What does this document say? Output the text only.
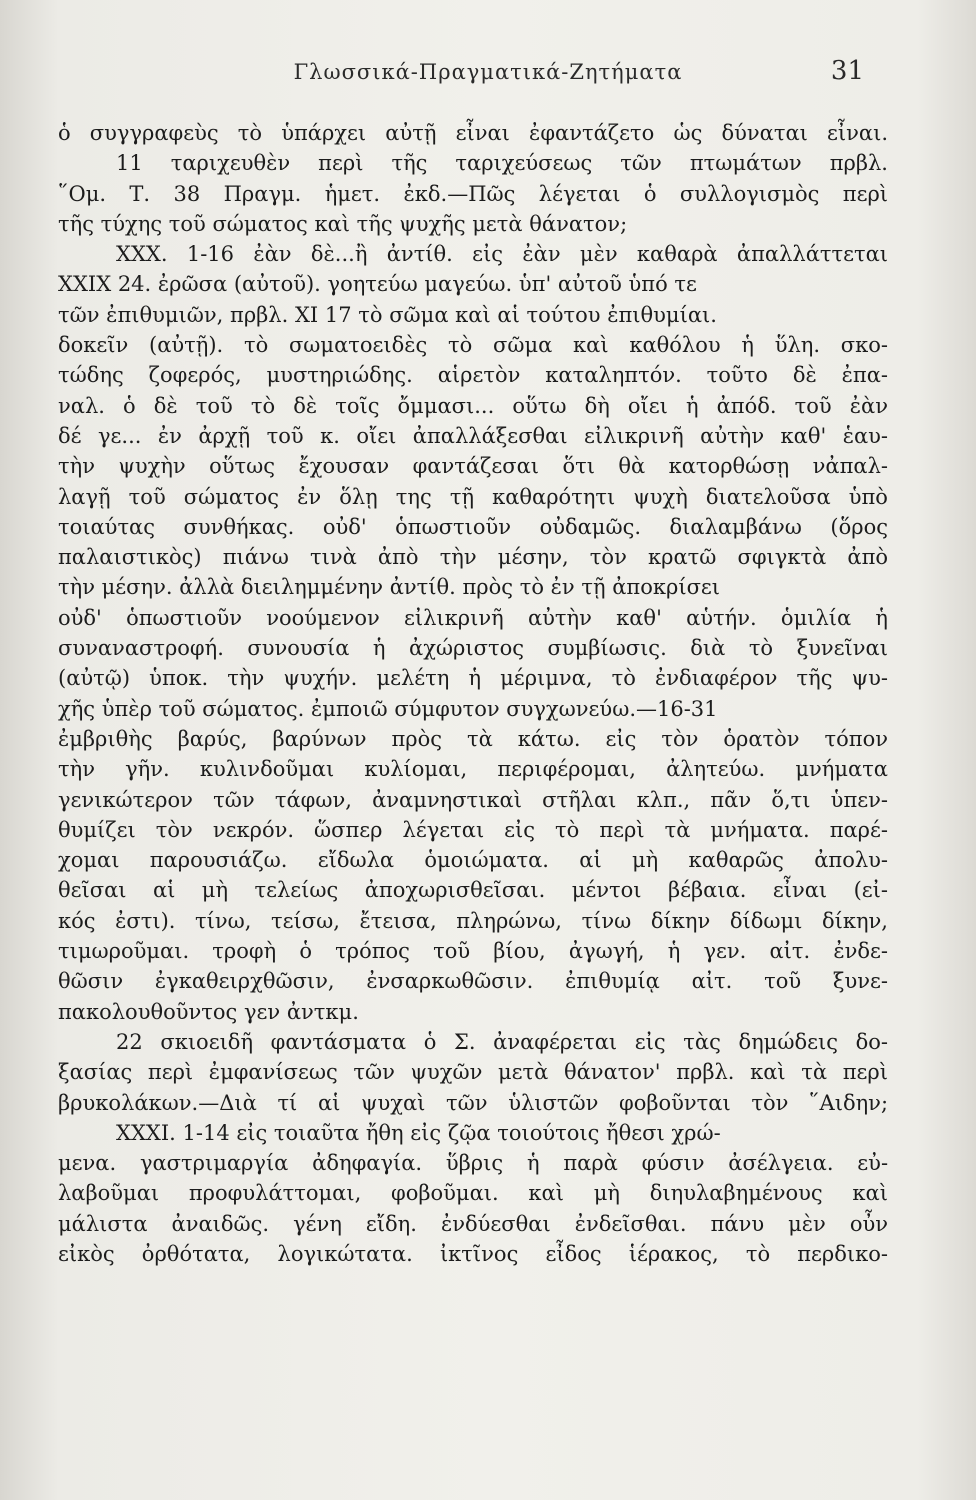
Γλωσσικά-Πραγματικά-Ζητήματα	31
ὁ συγγραφεὺς τὸ ὑπάρχει αὐτῇ εἶναι ἐφαντάζετο ὡς δύναται εἶναι.
11 ταριχευθὲν περὶ τῆς ταριχεύσεως τῶν πτωμάτων πρβλ.
῞Ομ. Τ. 38 Πραγμ. ἡμετ. ἐκδ.—Πῶς λέγεται ὁ συλλογισμὸς περὶ
τῆς τύχης τοῦ σώματος καὶ τῆς ψυχῆς μετὰ θάνατον;
XXX. 1-16 ἐὰν δὲ...ἢ ἀντίθ. εἰς ἐὰν μὲν καθαρὰ ἀπαλλάττεται
XXIX 24. ἐρῶσα (αὐτοῦ). γοητεύω μαγεύω. ὑπ' αὐτοῦ ὑπό τε
τῶν ἐπιθυμιῶν, πρβλ. XI 17 τὸ σῶμα καὶ αἱ τούτου ἐπιθυμίαι.
δοκεῖν (αὐτῇ). τὸ σωματοειδὲς τὸ σῶμα καὶ καθόλου ἡ ὕλη. σκο-
τώδης ζοφερός, μυστηριώδης. αἱρετὸν καταληπτόν. τοῦτο δὲ ἐπα-
ναλ. ὁ δὲ τοῦ τὸ δὲ τοῖς ὄμμασι... οὕτω δὴ οἴει ἡ ἀπόδ. τοῦ ἐὰν
δέ γε... ἐν ἀρχῇ τοῦ κ. οἴει ἀπαλλάξεσθαι εἰλικρινῆ αὐτὴν καθ' ἑαυ-
τὴν ψυχὴν οὕτως ἔχουσαν φαντάζεσαι ὅτι θὰ κατορθώσῃ νἀπαλ-
λαγῇ τοῦ σώματος ἐν ὅλῃ της τῇ καθαρότητι ψυχὴ διατελοῦσα ὑπὸ
τοιαύτας συνθήκας. οὐδ' ὁπωστιοῦν οὐδαμῶς. διαλαμβάνω (ὅρος
παλαιστικὸς) πιάνω τινὰ ἀπὸ τὴν μέσην, τὸν κρατῶ σφιγκτὰ ἀπὸ
τὴν μέσην. ἀλλὰ διειλημμένην ἀντίθ. πρὸς τὸ ἐν τῇ ἀποκρίσει
οὐδ' ὁπωστιοῦν νοούμενον εἰλικρινῆ αὐτὴν καθ' αὑτήν. ὁμιλία ἡ
συναναστροφή. συνουσία ἡ ἀχώριστος συμβίωσις. διὰ τὸ ξυνεῖναι
(αὐτῷ) ὑποκ. τὴν ψυχήν. μελέτη ἡ μέριμνα, τὸ ἐνδιαφέρον τῆς ψυ-
χῆς ὑπὲρ τοῦ σώματος. ἐμποιῶ σύμφυτον συγχωνεύω.—16-31
ἐμβριθὴς βαρύς, βαρύνων πρὸς τὰ κάτω. εἰς τὸν ὁρατὸν τόπον
τὴν γῆν. κυλινδοῦμαι κυλίομαι, περιφέρομαι, ἀλητεύω. μνήματα
γενικώτερον τῶν τάφων, ἀναμνηστικαὶ στῆλαι κλπ., πᾶν ὅ,τι ὑπεν-
θυμίζει τὸν νεκρόν. ὥσπερ λέγεται εἰς τὸ περὶ τὰ μνήματα. παρέ-
χομαι παρουσιάζω. εἴδωλα ὁμοιώματα. αἱ μὴ καθαρῶς ἀπολυ-
θεῖσαι αἱ μὴ τελείως ἀποχωρισθεῖσαι. μέντοι βέβαια. εἶναι (εἰ-
κός ἐστι). τίνω, τείσω, ἔτεισα, πληρώνω, τίνω δίκην δίδωμι δίκην,
τιμωροῦμαι. τροφὴ ὁ τρόπος τοῦ βίου, ἀγωγή, ἡ γεν. αἰτ. ἐνδε-
θῶσιν ἐγκαθειρχθῶσιν, ἐνσαρκωθῶσιν. ἐπιθυμίᾳ αἰτ. τοῦ ξυνε-
πακολουθοῦντος γεν ἀντκμ.
22 σκιοειδῆ φαντάσματα ὁ Σ. ἀναφέρεται εἰς τὰς δημώδεις δο-
ξασίας περὶ ἐμφανίσεως τῶν ψυχῶν μετὰ θάνατον' πρβλ. καὶ τὰ περὶ
βρυκολάκων.—Διὰ τί αἱ ψυχαὶ τῶν ὑλιστῶν φοβοῦνται τὸν ῞Αιδην;
XXXI. 1-14 εἰς τοιαῦτα ἤθη εἰς ζῷα τοιούτοις ἤθεσι χρώ-
μενα. γαστριμαργία ἀδηφαγία. ὕβρις ἡ παρὰ φύσιν ἀσέλγεια. εὐ-
λαβοῦμαι προφυλάττομαι, φοβοῦμαι. καὶ μὴ διηυλαβημένους καὶ
μάλιστα ἀναιδῶς. γένη εἴδη. ἐνδύεσθαι ἐνδεῖσθαι. πάνυ μὲν οὖν
εἰκὸς ὀρθότατα, λογικώτατα. ἰκτῖνος εἶδος ἱέρακος, τὸ περδικο-
